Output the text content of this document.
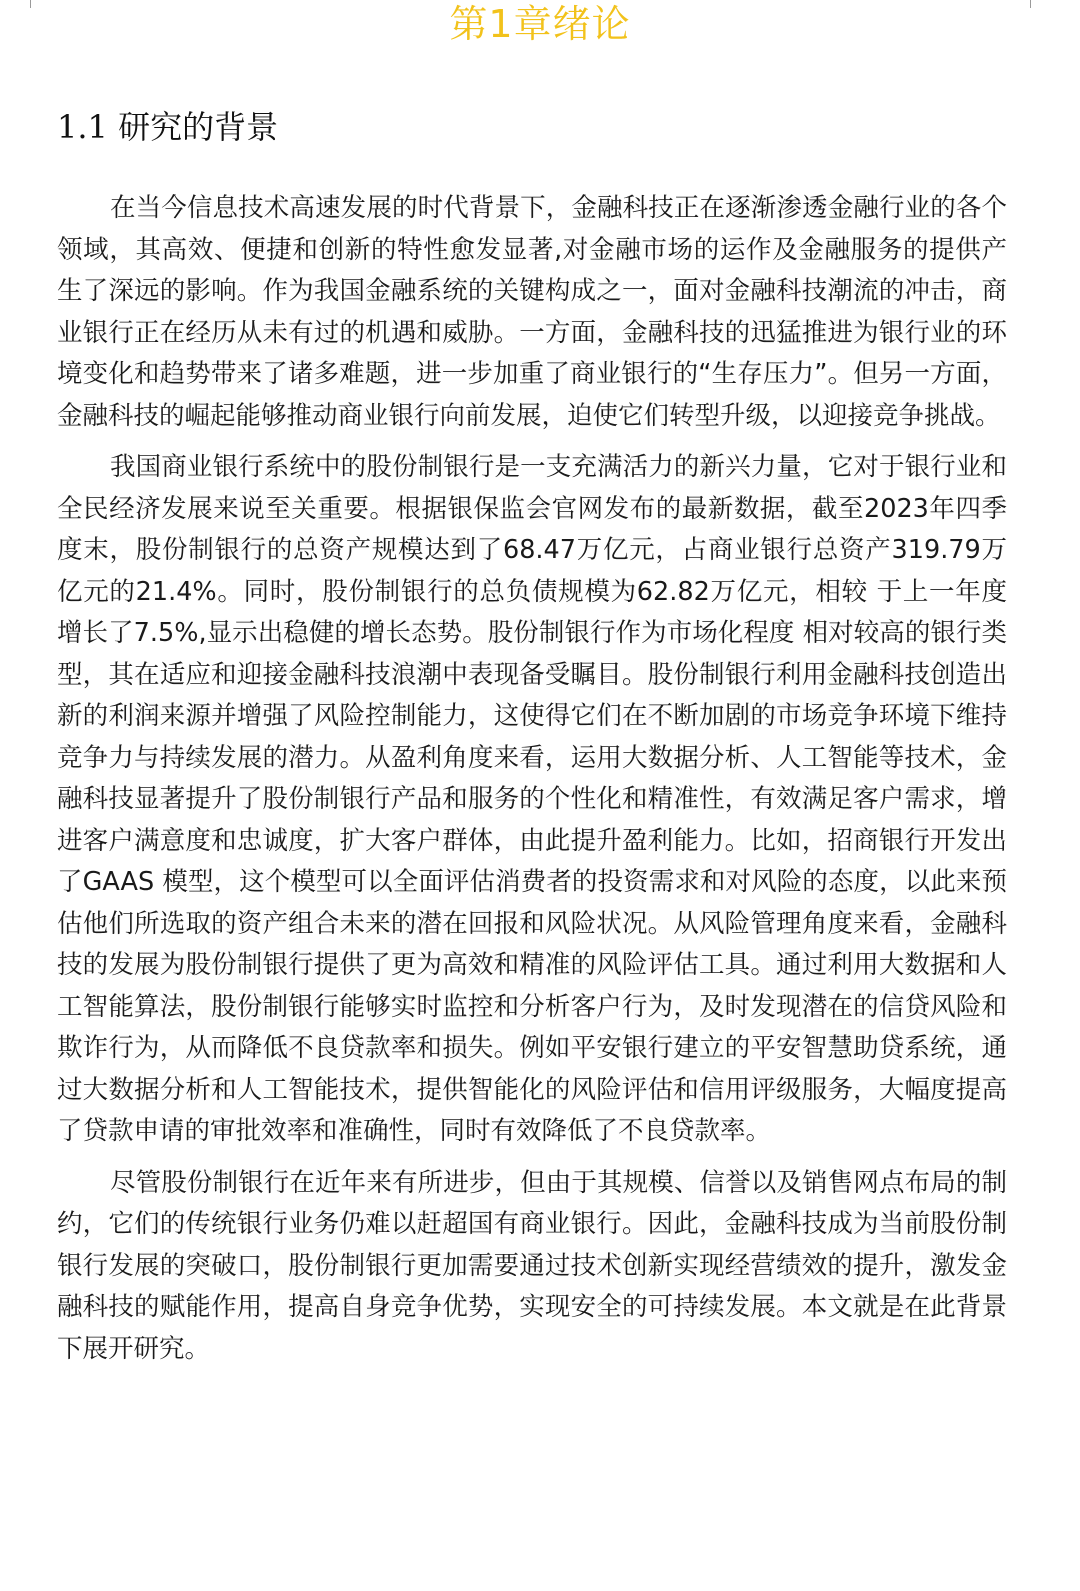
第1章绪论
1.1 研究的背景

在当今信息技术高速发展的时代背景下，金融科技正在逐渐渗透金融行业的各个领域，其高效、便捷和创新的特性愈发显著,对金融市场的运作及金融服务的提供产生了深远的影响。作为我国金融系统的关键构成之一，面对金融科技潮流的冲击，商业银行正在经历从未有过的机遇和威胁。一方面，金融科技的迅猛推进为银行业的环境变化和趋势带来了诸多难题，进一步加重了商业银行的“生存压力”。但另一方面，金融科技的崛起能够推动商业银行向前发展，迫使它们转型升级，以迎接竞争挑战。

我国商业银行系统中的股份制银行是一支充满活力的新兴力量，它对于银行业和全民经济发展来说至关重要。根据银保监会官网发布的最新数据，截至2023年四季度末，股份制银行的总资产规模达到了68.47万亿元，占商业银行总资产319.79万亿元的21.4%。同时，股份制银行的总负债规模为62.82万亿元，相较 于上一年度增长了7.5%,显示出稳健的增长态势。股份制银行作为市场化程度 相对较高的银行类型，其在适应和迎接金融科技浪潮中表现备受瞩目。股份制银行利用金融科技创造出新的利润来源并增强了风险控制能力，这使得它们在不断加剧的市场竞争环境下维持竞争力与持续发展的潜力。从盈利角度来看，运用大数据分析、人工智能等技术，金融科技显著提升了股份制银行产品和服务的个性化和精准性，有效满足客户需求，增进客户满意度和忠诚度，扩大客户群体，由此提升盈利能力。比如，招商银行开发出了GAAS 模型，这个模型可以全面评估消费者的投资需求和对风险的态度，以此来预估他们所选取的资产组合未来的潜在回报和风险状况。从风险管理角度来看，金融科技的发展为股份制银行提供了更为高效和精准的风险评估工具。通过利用大数据和人工智能算法，股份制银行能够实时监控和分析客户行为，及时发现潜在的信贷风险和欺诈行为，从而降低不良贷款率和损失。例如平安银行建立的平安智慧助贷系统，通过大数据分析和人工智能技术，提供智能化的风险评估和信用评级服务，大幅度提高了贷款申请的审批效率和准确性，同时有效降低了不良贷款率。

尽管股份制银行在近年来有所进步，但由于其规模、信誉以及销售网点布局的制约，它们的传统银行业务仍难以赶超国有商业银行。因此，金融科技成为当前股份制银行发展的突破口，股份制银行更加需要通过技术创新实现经营绩效的提升，激发金融科技的赋能作用，提高自身竞争优势，实现安全的可持续发展。本文就是在此背景下展开研究。
